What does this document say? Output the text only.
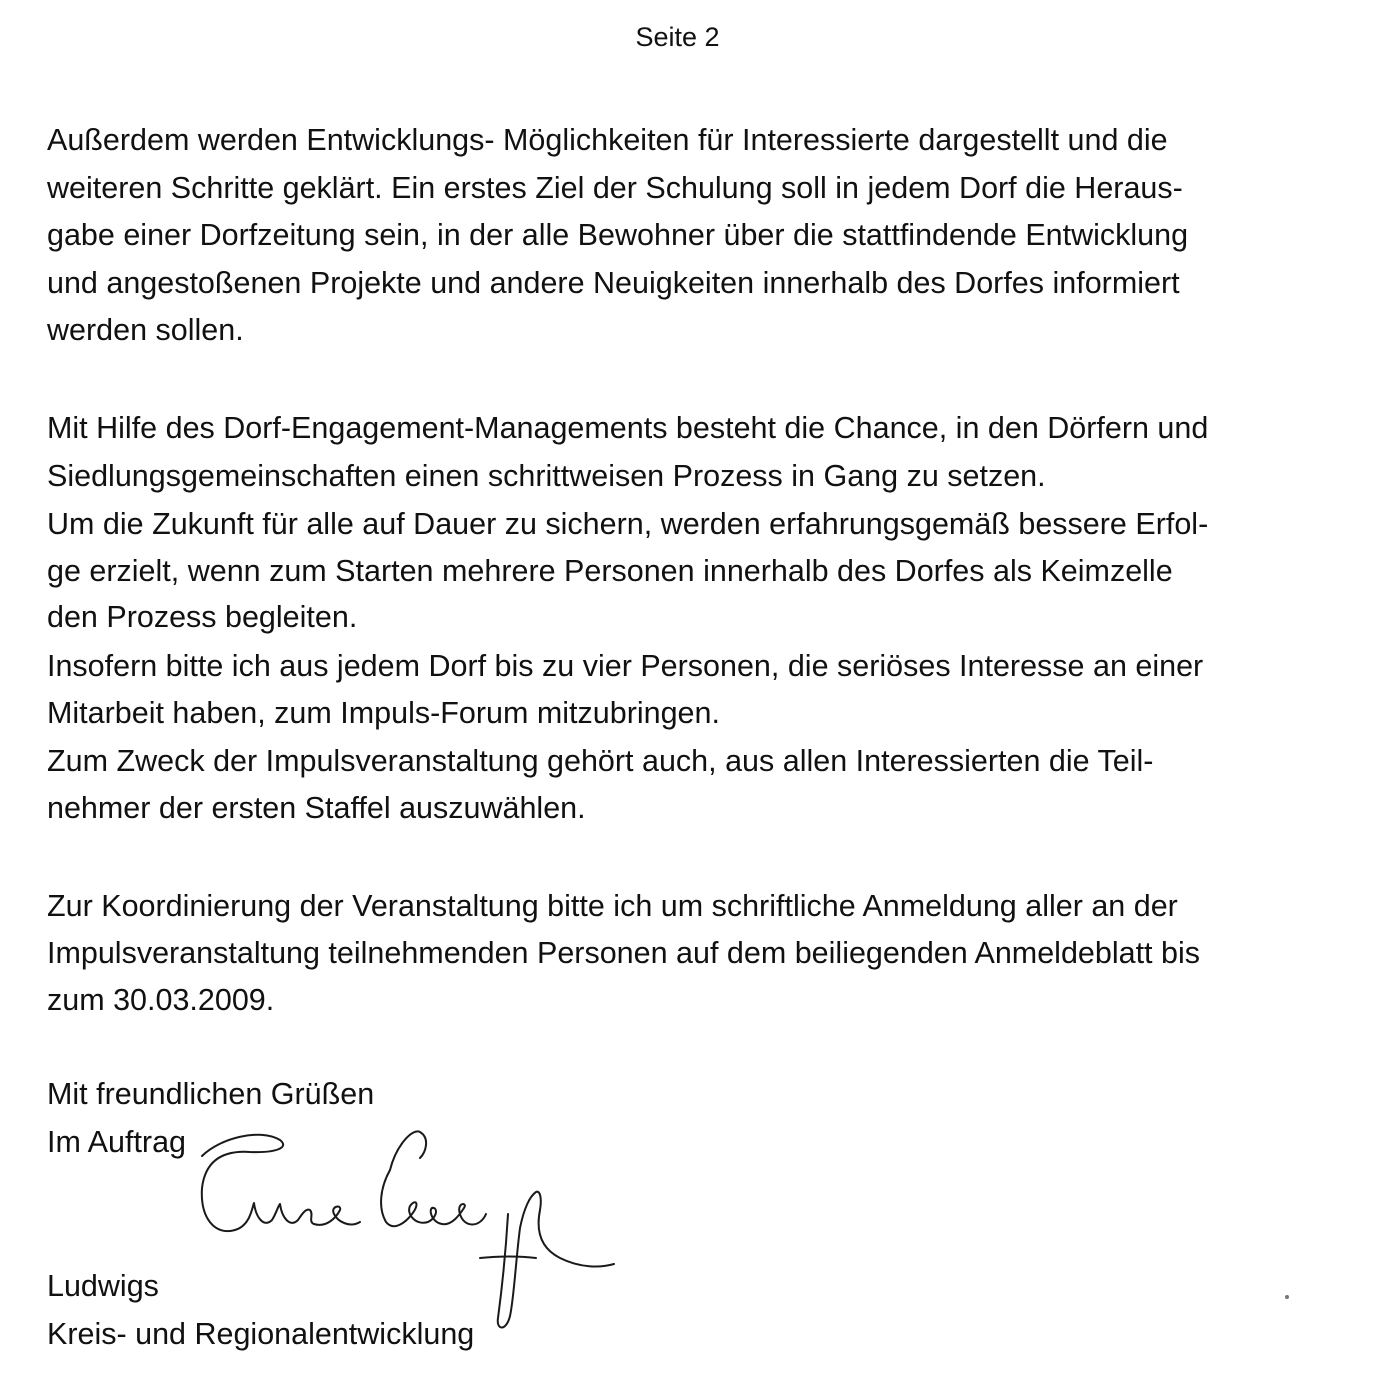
Seite 2
Außerdem werden Entwicklungs- Möglichkeiten für Interessierte dargestellt und die
weiteren Schritte geklärt. Ein erstes Ziel der Schulung soll in jedem Dorf die Heraus-
gabe einer Dorfzeitung sein, in der alle Bewohner über die stattfindende Entwicklung
und angestoßenen Projekte und andere Neuigkeiten innerhalb des Dorfes informiert
werden sollen.
Mit Hilfe des Dorf-Engagement-Managements besteht die Chance, in den Dörfern und
Siedlungsgemeinschaften einen schrittweisen Prozess in Gang zu setzen.
Um die Zukunft für alle auf Dauer zu sichern, werden erfahrungsgemäß bessere Erfol-
ge erzielt, wenn zum Starten mehrere Personen innerhalb des Dorfes als Keimzelle
den Prozess begleiten.
Insofern bitte ich aus jedem Dorf bis zu vier Personen, die seriöses Interesse an einer
Mitarbeit haben, zum Impuls-Forum mitzubringen.
Zum Zweck der Impulsveranstaltung gehört auch, aus allen Interessierten die Teil-
nehmer der ersten Staffel auszuwählen.
Zur Koordinierung der Veranstaltung bitte ich um schriftliche Anmeldung aller an der
Impulsveranstaltung teilnehmenden Personen auf dem beiliegenden Anmeldeblatt bis
zum 30.03.2009.
Mit freundlichen Grüßen
Im Auftrag
Ludwigs
Kreis- und Regionalentwicklung
